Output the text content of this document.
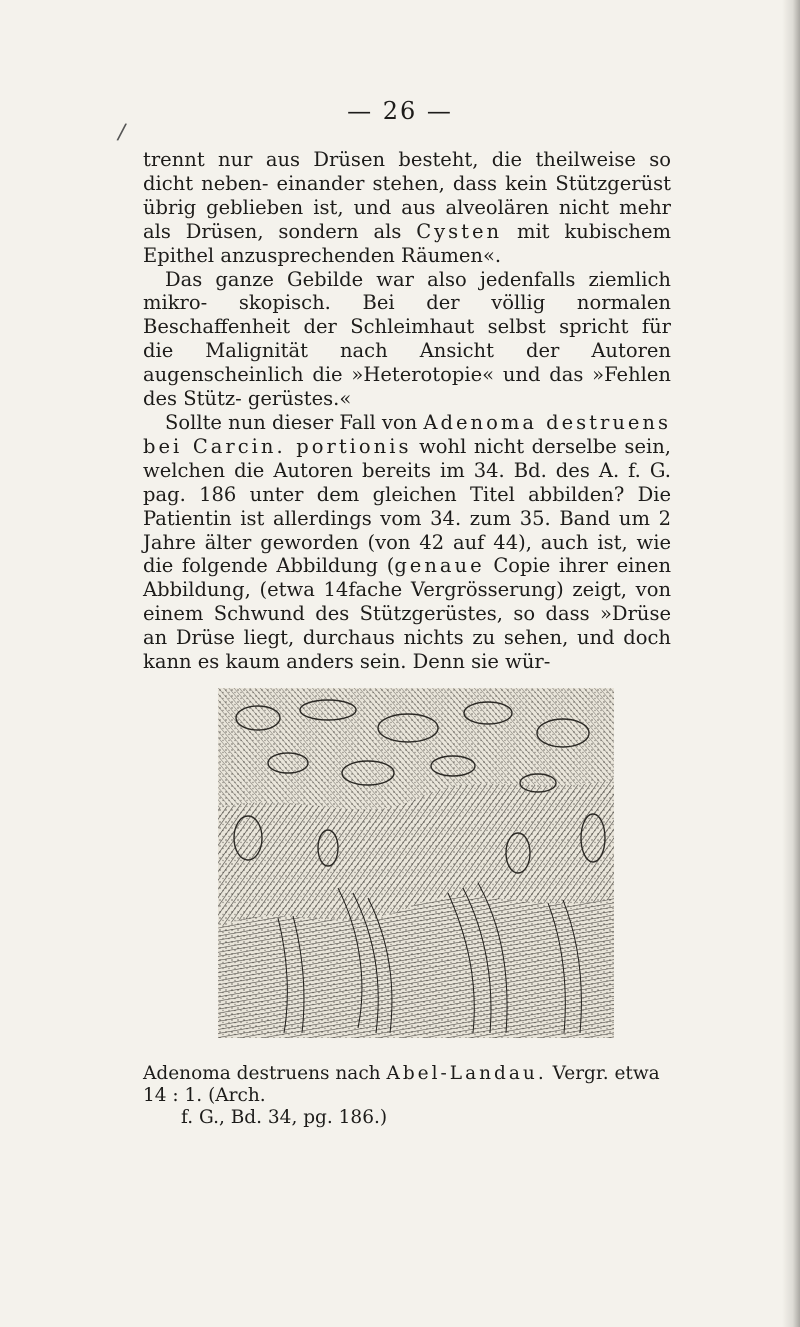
/
— 26 —

trennt nur aus Drüsen besteht, die theilweise so dicht neben- einander stehen, dass kein Stützgerüst übrig geblieben ist, und aus alveolären nicht mehr als Drüsen, sondern als Cysten mit kubischem Epithel anzusprechenden Räumen«.

Das ganze Gebilde war also jedenfalls ziemlich mikro- skopisch. Bei der völlig normalen Beschaffenheit der Schleimhaut selbst spricht für die Malignität nach Ansicht der Autoren augenscheinlich die »Heterotopie« und das »Fehlen des Stütz- gerüstes.«

Sollte nun dieser Fall von Adenoma destruens bei Carcin. portionis wohl nicht derselbe sein, welchen die Autoren bereits im 34. Bd. des A. f. G. pag. 186 unter dem gleichen Titel abbilden? Die Patientin ist allerdings vom 34. zum 35. Band um 2 Jahre älter geworden (von 42 auf 44), auch ist, wie die folgende Abbildung (genaue Copie ihrer einen Abbildung, (etwa 14fache Vergrösserung) zeigt, von einem Schwund des Stützgerüstes, so dass »Drüse an Drüse liegt, durchaus nichts zu sehen, und doch kann es kaum anders sein. Denn sie wür-

Adenoma destruens nach Abel-Landau. Vergr. etwa 14 : 1. (Arch.
f. G., Bd. 34, pg. 186.)
